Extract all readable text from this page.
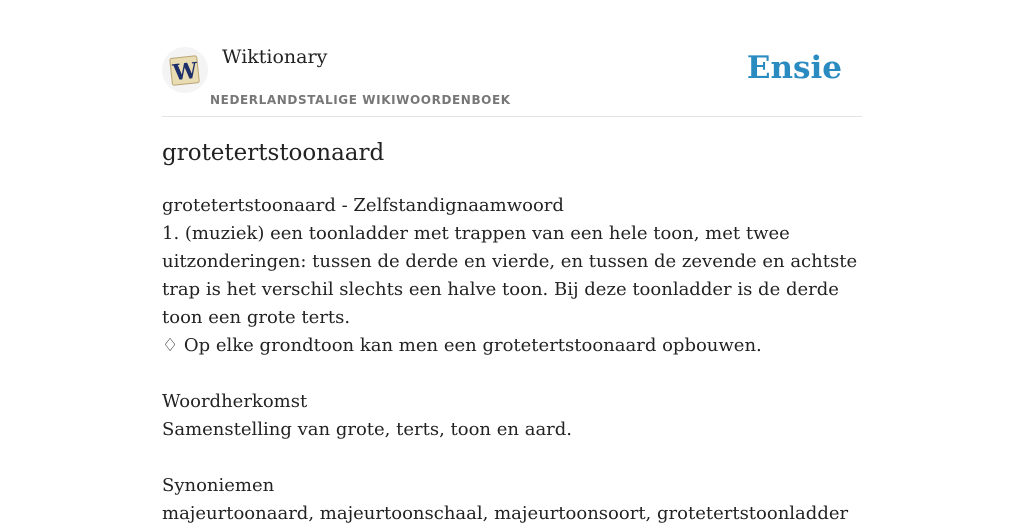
W
Wiktionary
NEDERLANDSTALIGE WIKIWOORDENBOEK
Ensie
grotetertstoonaard

grotetertstoonaard - Zelfstandignaamwoord

1. (muziek) een toonladder met trappen van een hele toon, met twee uitzonderingen: tussen de derde en vierde, en tussen de zevende en achtste trap is het verschil slechts een halve toon. Bij deze toonladder is de derde toon een grote terts.

♢ Op elke grondtoon kan men een grotetertstoonaard opbouwen.

Woordherkomst

Samenstelling van grote, terts, toon en aard.

Synoniemen

majeurtoonaard, majeurtoonschaal, majeurtoonsoort, grotetertstoonladder
